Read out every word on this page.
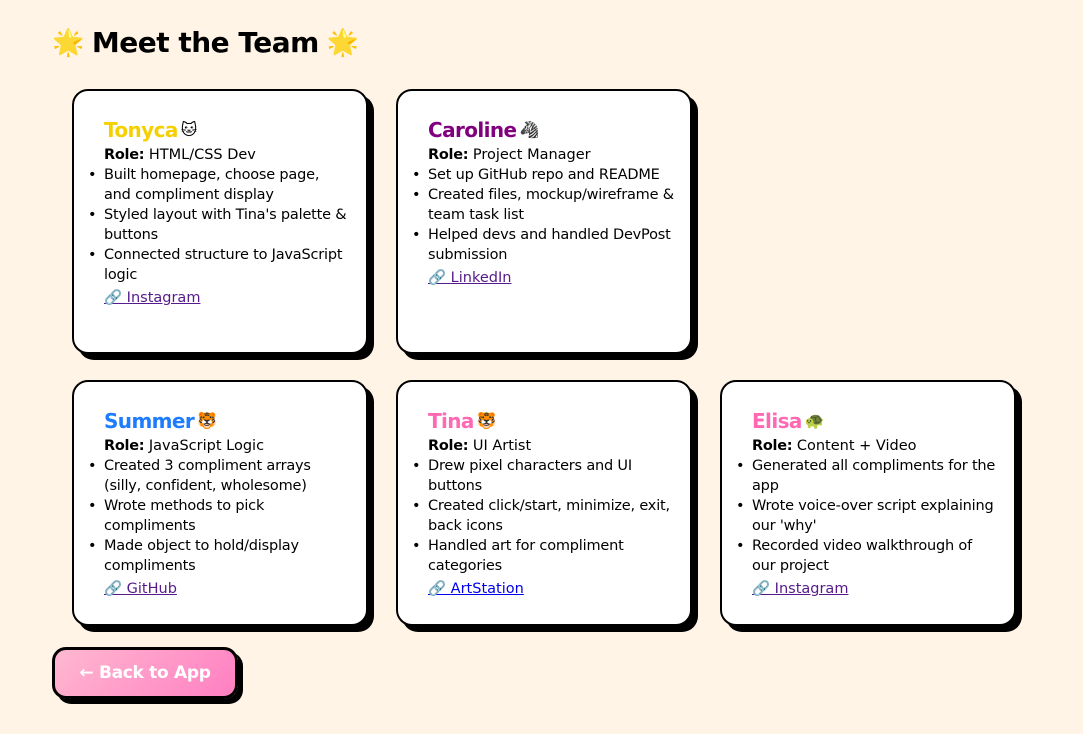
🌟 Meet the Team 🌟
Tonyca 🐱

Role: HTML/CSS Dev

• Built homepage, choose page, and compliment display
• Styled layout with Tina's palette & buttons
• Connected structure to JavaScript logic
🔗 Instagram
Caroline 🦓

Role: Project Manager

• Set up GitHub repo and README
• Created files, mockup/wireframe & team task list
• Helped devs and handled DevPost submission
🔗 LinkedIn
Summer 🐯

Role: JavaScript Logic

• Created 3 compliment arrays (silly, confident, wholesome)
• Wrote methods to pick compliments
• Made object to hold/display compliments
🔗 GitHub
Tina 🐯

Role: UI Artist

• Drew pixel characters and UI buttons
• Created click/start, minimize, exit, back icons
• Handled art for compliment categories
🔗 ArtStation
Elisa 🐢

Role: Content + Video

• Generated all compliments for the app
• Wrote voice-over script explaining our 'why'
• Recorded video walkthrough of our project
🔗 Instagram
← Back to App
